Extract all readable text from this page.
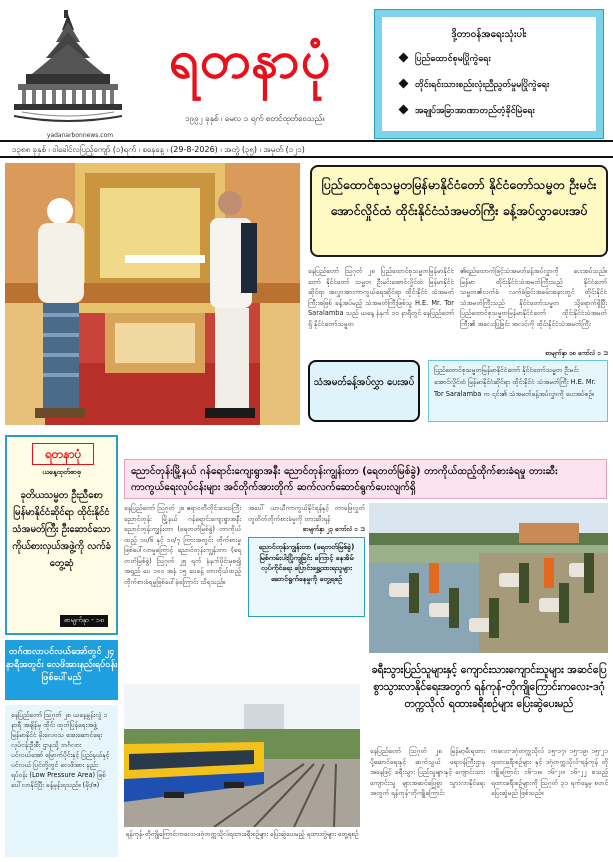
yadanarbonnews.com
ရတနာပုံ
၁၉၉၂ ခုနှစ် ၊ မေလ ၁ ရက် စတင်ထုတ်ဝေသည်။
ဒို့တာဝန်အရေးသုံးပါး
ပြည်ထောင်စုမပြိုကွဲရေး
တိုင်းရင်းသားစည်းလုံးညီညွတ်မှုမပြိုကွဲရေး
အချုပ်အခြာအာဏာတည်တံ့ခိုင်မြဲရေး
၁၃၈၈ ခုနှစ် ၊ ဝါခေါင်လပြည့်ကျော် (၁)ရက် ၊ စနေနေ့ ၊ (29-8-2026) ၊ အတွဲ (၃၅) ၊ အမှတ် (၁၂၁)
ပြည်ထောင်စုသမ္မတမြန်မာနိုင်ငံတော် နိုင်ငံတော်သမ္မတ ဦးမင်းအောင်လှိုင်ထံ ထိုင်းနိုင်ငံသံအမတ်ကြီး ခန့်အပ်လွှာပေးအပ်
နေပြည်တော် ဩဂုတ် ၂၈ ပြည်ထောင်စုသမ္မတမြန်မာနိုင်ငံတော် နိုင်ငံတော် သမ္မတ ဦးမင်းအောင်လှိုင်ထံ မြန်မာနိုင်ငံဆိုင်ရာ အလွှာအားကာကွယ်ရေးဆိုင်ရာ ထိုင်းနိုင်ငံ သံအမတ်ကြီးအဖြစ် ခန့်အပ်မည့် သံအမတ်ကြီးဖြစ်သူ H.E. Mr. Tor Saralamba သည် ယနေ့ နံနက် ၁၀ နာရီတွင် နေပြည်တော်ရှိ နိုင်ငံတော်သမ္မတ
၏ရည်ထောက်ဖြင့်သံအမတ်ခန့်အပ်လွှာကို ပေးအပ်သည်။ မြန်မာ ထိုင်းနိုင်ငံသံအမတ်ကြီးသည် နိုင်ငံတော် သမ္မတ၏လက်ခံ လက်ခံခြင်းအခမ်းအနားတွင် ထိုင်းနိုင်ငံ သံအမတ်ကြီးသည် နိုင်ငံတော်သမ္မတ သို့ရောက်ရှိပြီး ပြည်ထောင်စုသမ္မတမြန်မာနိုင်ငံတော် ထိုင်းနိုင်ငံသံအမတ်ကြီး၏ အလေးပြုခြင်း အလင်ကို ထိုင်းနိုင်ငံသံအမတ်ကြီး
စာမျက်နှာ ၁၈ ကော်လံ ၁ ⊐
သံအမတ်ခန့်အပ်လွှာ ပေးအပ်
ပြည်ထောင်စုသမ္မတမြန်မာနိုင်ငံတော် နိုင်ငံတော်သမ္မတ ဦးမင်းအောင်လှိုင်ထံ မြန်မာနိုင်ငံဆိုင်ရာ ထိုင်းနိုင်ငံ သံအမတ်ကြီး H.E. Mr. Tor Saralamba က ၎င်း၏ သံအမတ်ခန့်အပ်လွှာကို ပေးအပ်စဉ်။
ရတနာပုံ
ယနေ့ထုတ်စာစု
ခုတိယသမ္မတ ဦးညီစော မြန်မာနိုင်ငံဆိုင်ရာ ထိုင်းနိုင်ငံသံအမတ်ကြီး ဦးဆောင်သော ကိုယ်စားလှယ်အဖွဲ့ကို လက်ခံတွေ့ဆုံ
စာမျက်နှာ - ၁၈
တဂ်ဏလာပင်လယ်အော်တွင် ၂၄ နာရီအတွင်း လေဖိအားနည်းရပ်ဝန်း ဖြစ်ပေါ်မည်
နေပြည်တော် ဩဂုတ် ၂၈ ယနေ့မွန်းလွဲ ၁ နာရီ အချိန်မှ ထိုင်း ထုတ်ပြန်ရေးအဖွဲ့ မြန်မာနိုင်ငံ မိုးလေဝသ အေးဆောင်ရေးလုပ်ငန်းဦးစီး ဌာနသို့ ဘင်္ဂလားပင်လယ်အော် မြောက်ပိုင်းနှင့် ပြည်နယ်နှင့်ပင်လယ် ပြင်တို့တွင် လေဖိအား နည်းရပ်ဝန်း (Low Pressure Area) ဖြစ်ပေါ်လာနိုင်ပြီး ခန့်မှန်းရသည်။ (မိုး/ဇ)
ညောင်တုန်းမြို့နယ် ဂန်ရောင်းကျေးရွာအနီး ညောင်တုန်းကျွန်းတာ (ရေတတ်မြစ်ခွဲ) တာကိုယ်ထည့်ထိုက်စားခံရမှု တားဆီးကာကွယ်ရေးလုပ်ငန်းများ အင်တိုက်အားတိုက် ဆက်လက်ဆောင်ရွက်ပေးလျက်ရှိ
နေပြည်တော် ဩဂုတ် ၂၈ ဧရာဝတီတိုင်းဒေသကြီး ညောင်တုန်း မြို့နယ် ဂန်ရောင်းကျေးရွာအနီး ညောင်တုန်းကျွန်းတာ (ရေတတ်မြစ်ခွဲ) တာကိုယ်ထည့် ၁၀/၆ နှင့် ၁၀/၇ ကြားအတွင်း တိုက်စားမှု ဖြစ်ပေါ်လာမှုကြောင့် ညောင်တုန်းကျွန်းတာ (ရေတတ်မြစ်ခွဲ) ဩဂုတ် ၂၅ ရက် နံနက်ပိုင်းမှစ၍ အရှည် ပေ ၁၀၀ အနံ ၁၅ ပေခန့် တာကိုယ်ထည့် တိုက်စားခံရမှုဖြစ်ပေါ်ခဲ့ကြောင်း သိရသည်။
အပေါ် ယာယီကာကွယ်နိုင်ရန်နှင့် တာဖြေလွှတ် တူတိတ်တိုက်စားခံမှုကို တားဆီးရန်
စာမျက်နှာ ၂၃ ကော်လံ ၁ ⊐
ညောင်တုန်းကျွန်းတာ (ရေတတ်မြစ်ခွဲ) မြစ်ကမ်းပါးပြိုကျခြင်း ကြောင့် နေအိမ်လုပ်ကိုင်ရေး ပြောင်းရွှေ့ထားရသူများ ဆောင်ရွက်နေမှုကို တွေ့ရစဉ်
ခရီးသွားပြည်သူများနှင့် ကျောင်းသားကျောင်းသူများ အဆင်ပြေစွာသွားလာနိုင်ရေးအတွက် ရန်ကုန်-တိုကျိုကြောင်းကလေး-ဒဂုံတက္ကသိုလ် ရထားခရီးစဉ်များ ပြေးဆွဲပေးမည်
ရန်ကုန်-တိုကျိုကြောင်းကလေး-ဒဂုံတက္ကသိုလ်ရထားခရီးစဉ်များ ပြေးဆွဲပေးမည့် ရထားတွဲများ တွေ့ရစဉ်
နေပြည်တော် ဩဂုတ် ၂၈ မြန်မာ့မီးရထား ပို့ဆောင်ရေးနှင့် ဆက်သွယ် ရေးဝန်ကြီးဌာန အနေဖြင့် ခရီးသွား ပြည်သူများနှင့် ကျောင်းသားကျောင်းသူ များအဆင်ပြေစွာ သွားလာနိုင်ရေးအတွက် ရန်ကုန်-တိုကျိုကြောင်း
ကလေး-ဒဂုံတက္ကသိုလ် ၁၅-၁၇၊ ၁၅-၁၉၊ ၁၅-၂၁ ရထားခရီးစဉ်များ နှင့် ဒဂုံတက္ကသိုလ်-ရန်ကုန် တိုကျိုကြောင်း ၁၆-၁၈၊ ၁၆-၂၀၊ ၁၆-၂၂ စသည့် ရထားခရီးစဉ်များကို ဩဂုတ် ၃၁ ရက်နေ့မှ စတင် ပြေးဆွဲမည် ဖြစ်သည်။
